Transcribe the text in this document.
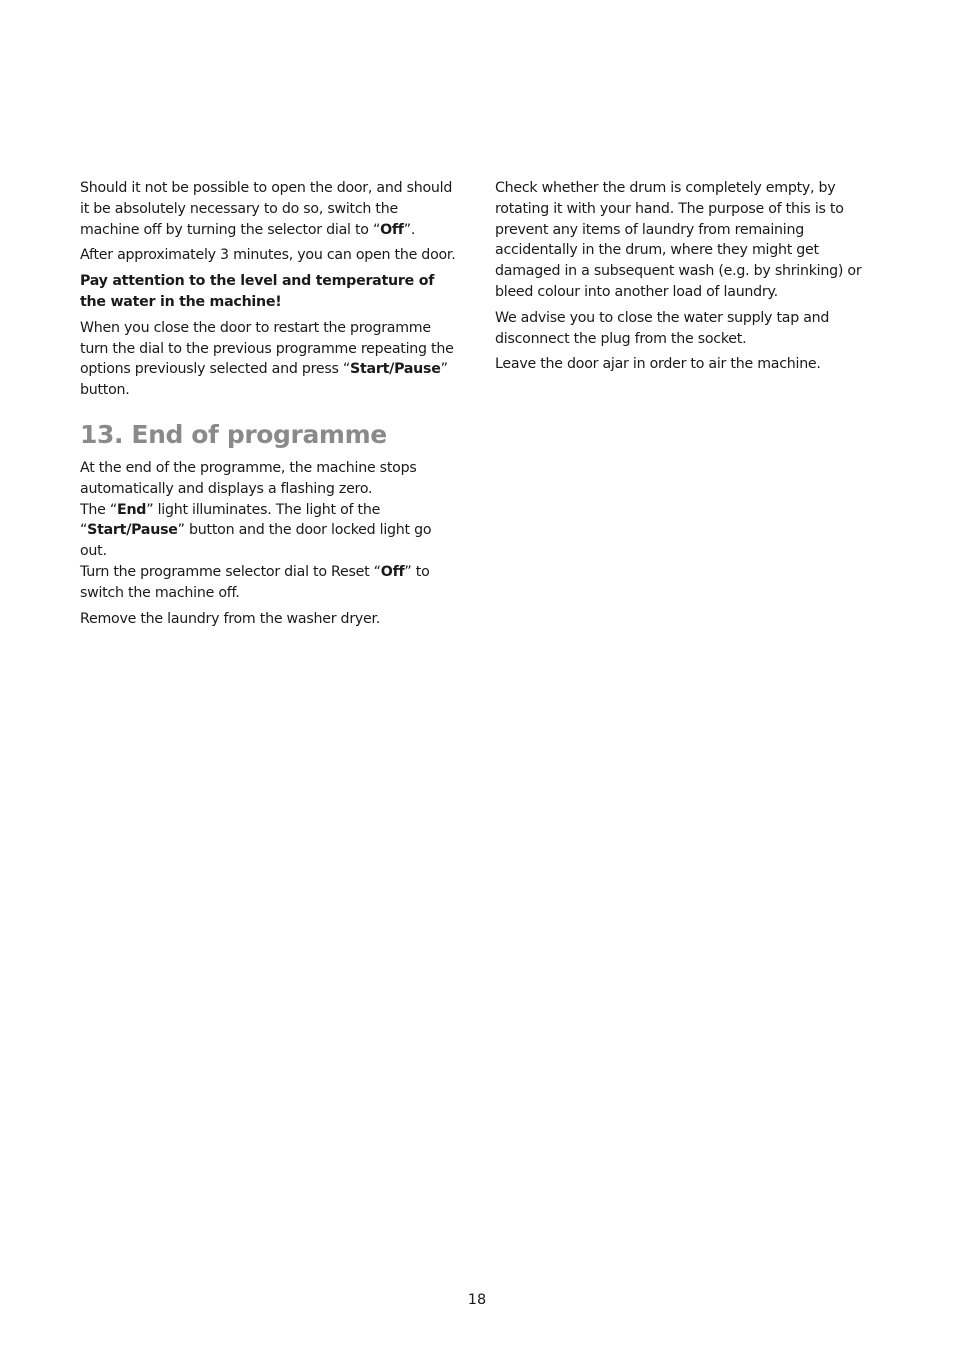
Should it not be possible to open the door, and should it be absolutely necessary to do so, switch the machine off by turning the selector dial to “Off”.

After approximately 3 minutes, you can open the door.

Pay attention to the level and temperature of the water in the machine!

When you close the door to restart the programme turn the dial to the previous programme repeating the options previously selected and press “Start/Pause” button.

13. End of programme

At the end of the programme, the machine stops automatically and displays a flashing zero.

The “End” light illuminates. The light of the “Start/Pause” button and the door locked light go out.

Turn the programme selector dial to Reset “Off” to switch the machine off.

Remove the laundry from the washer dryer.

Check whether the drum is completely empty, by rotating it with your hand. The purpose of this is to prevent any items of laundry from remaining accidentally in the drum, where they might get damaged in a subsequent wash (e.g. by shrinking) or bleed colour into another load of laundry.

We advise you to close the water supply tap and disconnect the plug from the socket.

Leave the door ajar in order to air the machine.

18
